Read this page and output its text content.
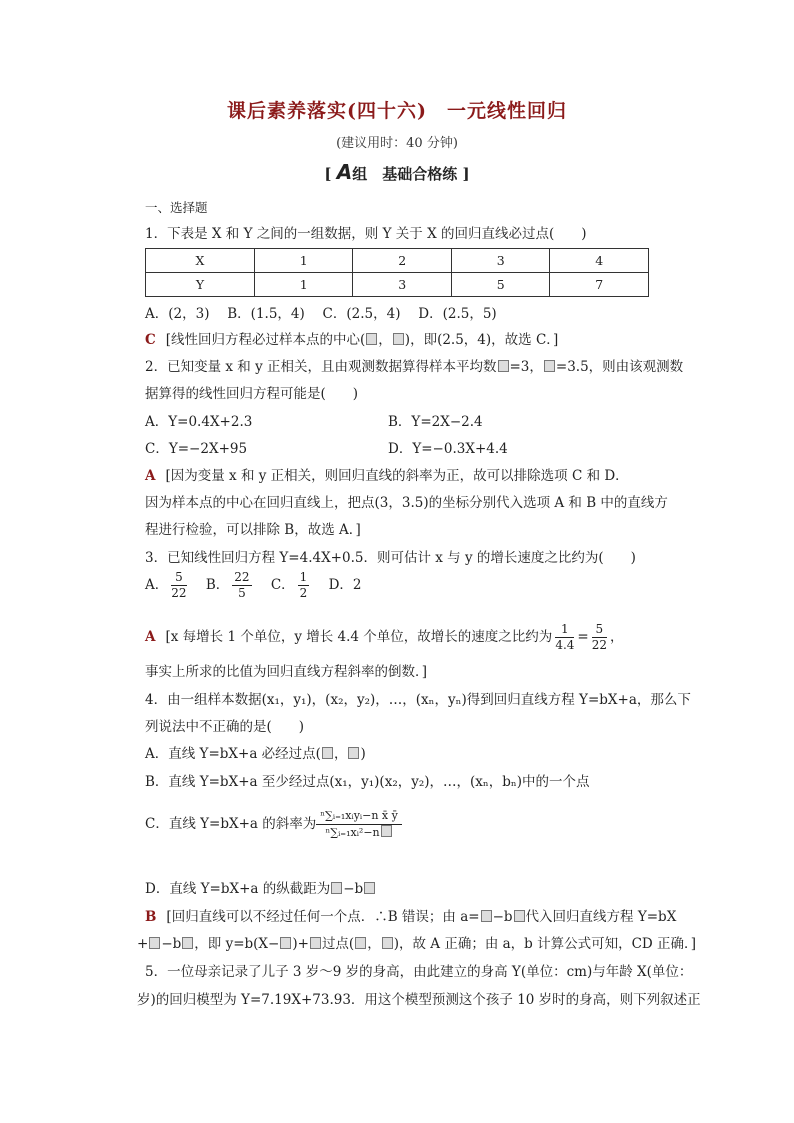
课后素养落实(四十六)　一元线性回归
(建议用时：40 分钟)
[ A组　基础合格练 ]
一、选择题
1．下表是 X 和 Y 之间的一组数据，则 Y 关于 X 的回归直线必过点(　　)
X	1	2	3	4
Y	1	3	5	7
A．(2，3)　 B．(1.5，4)　 C．(2.5，4)　 D．(2.5，5)
C [线性回归方程必过样本点的中心( ， )，即(2.5，4)，故选 C．]
2．已知变量 x 和 y 正相关，且由观测数据算得样本平均数 =3， =3.5，则由该观测数
据算得的线性回归方程可能是(　　)
A．Y=0.4X+2.3	B．Y=2X−2.4
C．Y=−2X+95	D．Y=−0.3X+4.4
A [因为变量 x 和 y 正相关，则回归直线的斜率为正，故可以排除选项 C 和 D．
因为样本点的中心在回归直线上，把点(3，3.5)的坐标分别代入选项 A 和 B 中的直线方
程进行检验，可以排除 B，故选 A．]
3．已知线性回归方程 Y=4.4X+0.5．则可估计 x 与 y 的增长速度之比约为(　　)
A． $\frac{5}{22}$ B． $\frac{22}{5}$ C． $\frac{1}{2}$ D．2
A [x 每增长 1 个单位，y 增长 4.4 个单位，故增长的速度之比约为 $\frac{1}{4.4} = \frac{5}{22}$ ，
事实上所求的比值为回归直线方程斜率的倒数．]
4．由一组样本数据(x₁，y₁)，(x₂，y₂)，…，(xₙ，yₙ)得到回归直线方程 Y=bX+a，那么下
列说法中不正确的是(　　)
A．直线 Y=bX+a 必经过点( ， )
B．直线 Y=bX+a 至少经过点(x₁，y₁)(x₂，y₂)，…，(xₙ，bₙ)中的一个点
C．直线 Y=bX+a 的斜率为 $\frac{\text{ⁿ∑ᵢ₌₁xᵢyᵢ−n x̄ ȳ}}{\text{ⁿ∑ᵢ₌₁xᵢ²−n}}$
D．直线 Y=bX+a 的纵截距为 −b
B [回归直线可以不经过任何一个点．∴B 错误；由 a= −b 代入回归直线方程 Y=bX
+ −b ，即 y=b(X− )+ 过点( ， )，故 A 正确；由 a，b 计算公式可知，CD 正确．]
5．一位母亲记录了儿子 3 岁～9 岁的身高，由此建立的身高 Y(单位：cm)与年龄 X(单位：
岁)的回归模型为 Y=7.19X+73.93．用这个模型预测这个孩子 10 岁时的身高，则下列叙述正
